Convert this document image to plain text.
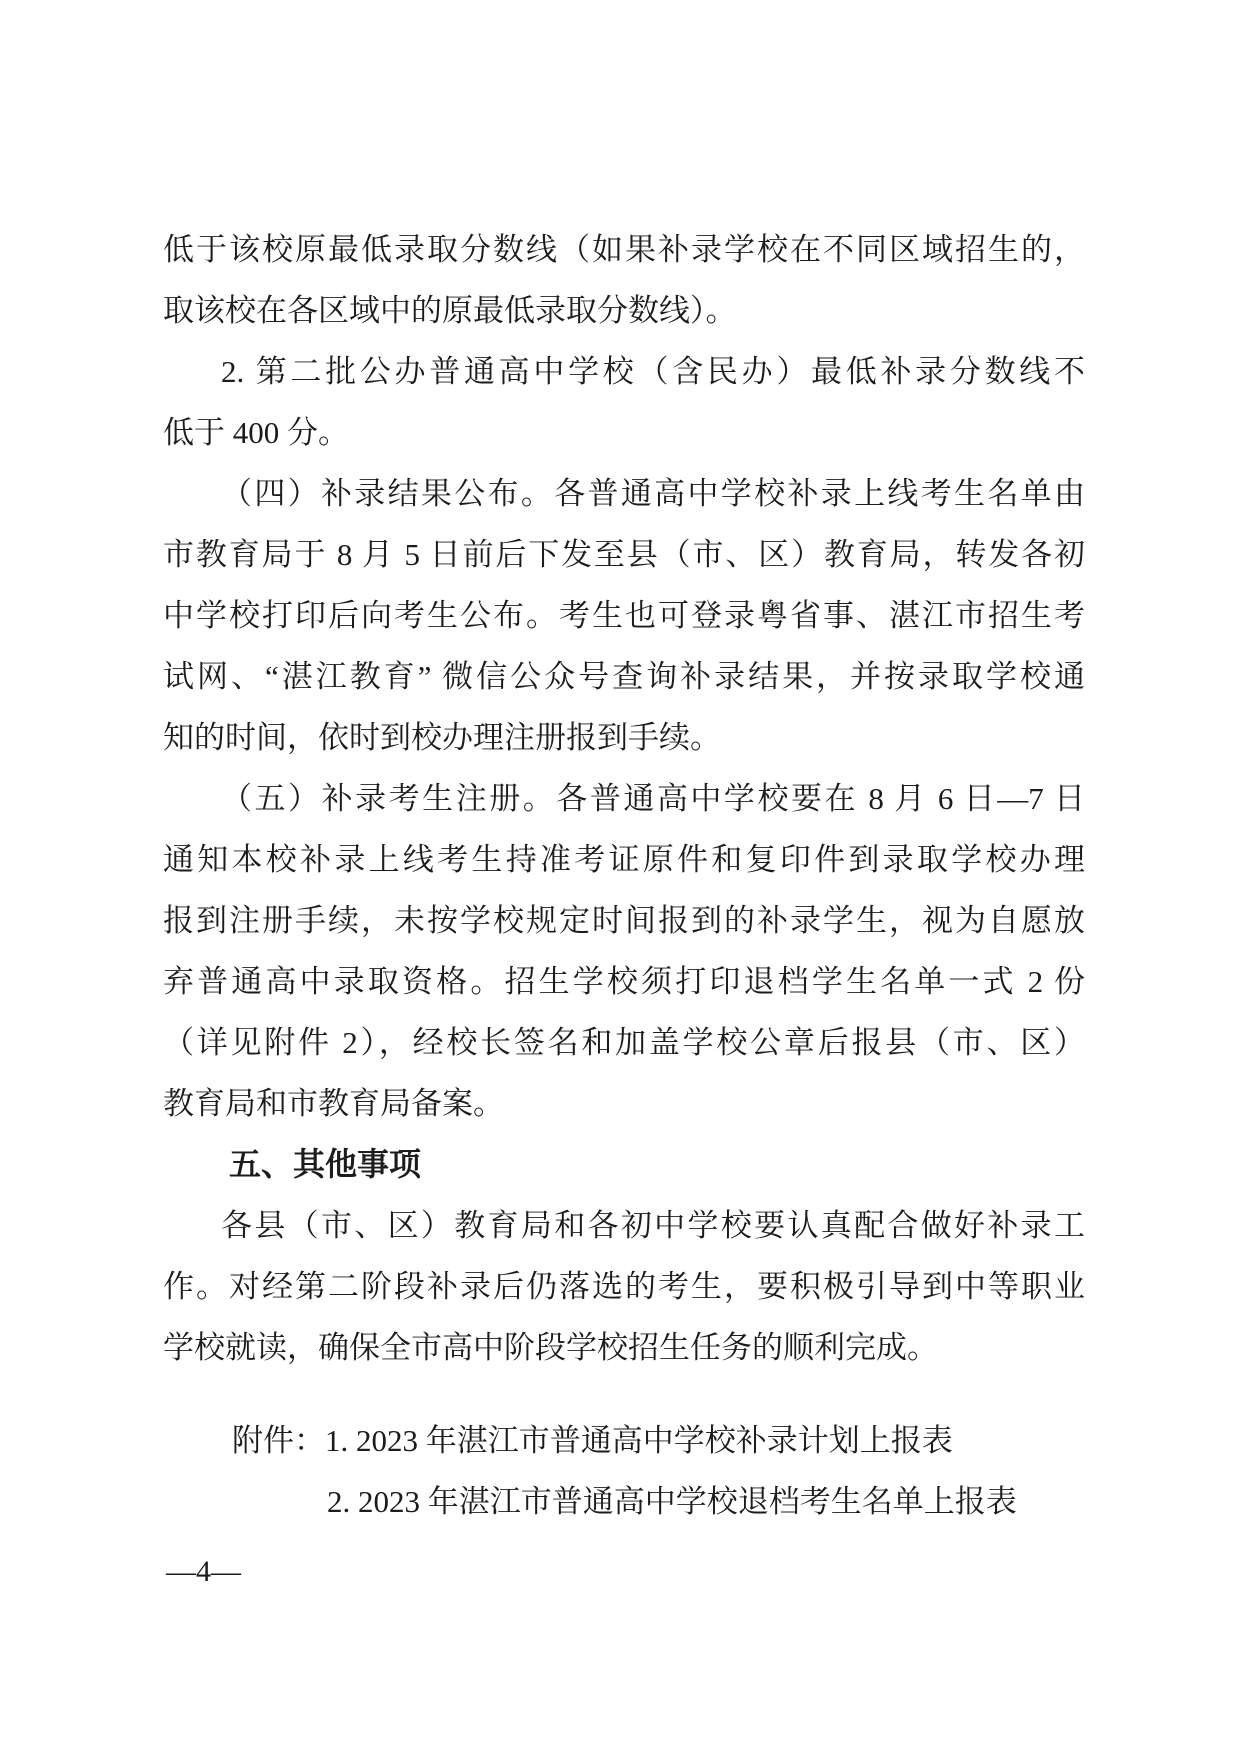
低于该校原最低录取分数线（如果补录学校在不同区域招生的，
取该校在各区域中的原最低录取分数线）。
2. 第二批公办普通高中学校（含民办）最低补录分数线不
低于 400 分。
（四）补录结果公布。各普通高中学校补录上线考生名单由
市教育局于 8 月 5 日前后下发至县（市、区）教育局，转发各初
中学校打印后向考生公布。考生也可登录粤省事、湛江市招生考
试网、“湛江教育” 微信公众号查询补录结果，并按录取学校通
知的时间，依时到校办理注册报到手续。
（五）补录考生注册。各普通高中学校要在 8 月 6 日—7 日
通知本校补录上线考生持准考证原件和复印件到录取学校办理
报到注册手续，未按学校规定时间报到的补录学生，视为自愿放
弃普通高中录取资格。招生学校须打印退档学生名单一式 2 份
（详见附件 2），经校长签名和加盖学校公章后报县（市、区）
教育局和市教育局备案。
五、其他事项
各县（市、区）教育局和各初中学校要认真配合做好补录工
作。对经第二阶段补录后仍落选的考生，要积极引导到中等职业
学校就读，确保全市高中阶段学校招生任务的顺利完成。
附件：1. 2023 年湛江市普通高中学校补录计划上报表
2. 2023 年湛江市普通高中学校退档考生名单上报表
—4—
